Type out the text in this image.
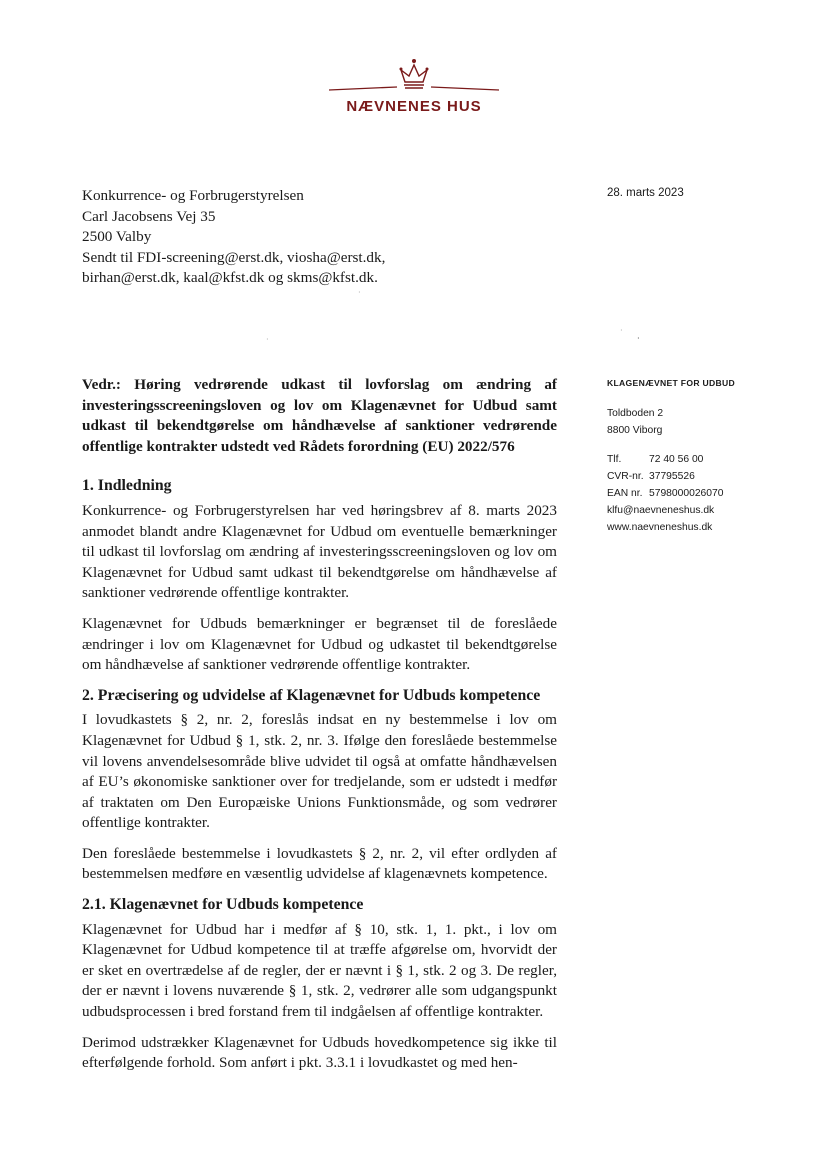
NÆVNENES HUS
Konkurrence- og Forbrugerstyrelsen
Carl Jacobsens Vej 35
2500 Valby
Sendt til FDI-screening@erst.dk, viosha@erst.dk,
birhan@erst.dk, kaal@kfst.dk og skms@kfst.dk.
28. marts 2023
·
·
·
·
KLAGENÆVNET FOR UDBUD
Toldboden 2
8800 Viborg
Tlf.	72 40 56 00
CVR-nr. 37795526
EAN nr. 5798000026070
klfu@naevneneshus.dk
www.naevneneshus.dk
Vedr.: Høring vedrørende udkast til lovforslag om ændring af investeringsscreeningsloven og lov om Klagenævnet for Udbud samt udkast til bekendtgørelse om håndhævelse af sanktioner vedrørende offentlige kontrakter udstedt ved Rådets forordning (EU) 2022/576
1. Indledning

Konkurrence- og Forbrugerstyrelsen har ved høringsbrev af 8. marts 2023 anmodet blandt andre Klagenævnet for Udbud om eventuelle bemærkninger til udkast til lovforslag om ændring af investeringsscreeningsloven og lov om Klagenævnet for Udbud samt udkast til bekendtgørelse om håndhævelse af sanktioner vedrørende offentlige kontrakter.

Klagenævnet for Udbuds bemærkninger er begrænset til de foreslåede ændringer i lov om Klagenævnet for Udbud og udkastet til bekendtgørelse om håndhævelse af sanktioner vedrørende offentlige kontrakter.

2. Præcisering og udvidelse af Klagenævnet for Udbuds kompetence

I lovudkastets § 2, nr. 2, foreslås indsat en ny bestemmelse i lov om Klagenævnet for Udbud § 1, stk. 2, nr. 3. Ifølge den foreslåede bestemmelse vil lovens anvendelsesområde blive udvidet til også at omfatte håndhævelsen af EU’s økonomiske sanktioner over for tredjelande, som er udstedt i medfør af traktaten om Den Europæiske Unions Funktionsmåde, og som vedrører offentlige kontrakter.

Den foreslåede bestemmelse i lovudkastets § 2, nr. 2, vil efter ordlyden af bestemmelsen medføre en væsentlig udvidelse af klagenævnets kompetence.

2.1. Klagenævnet for Udbuds kompetence

Klagenævnet for Udbud har i medfør af § 10, stk. 1, 1. pkt., i lov om Klagenævnet for Udbud kompetence til at træffe afgørelse om, hvorvidt der er sket en overtrædelse af de regler, der er nævnt i § 1, stk. 2 og 3. De regler, der er nævnt i lovens nuværende § 1, stk. 2, vedrører alle som udgangspunkt udbudsprocessen i bred forstand frem til indgåelsen af offentlige kontrakter.

Derimod udstrækker Klagenævnet for Udbuds hovedkompetence sig ikke til efterfølgende forhold. Som anført i pkt. 3.3.1 i lovudkastet og med hen-
